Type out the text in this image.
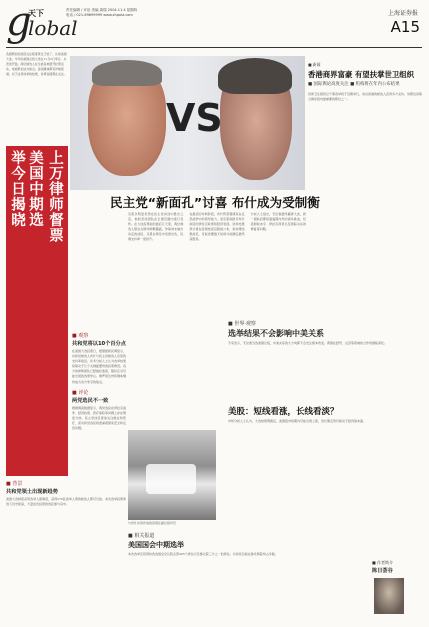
g
天下
lobal
责任编辑 / 评论 美编 周瑞 2004.11.4 星期四
电话 / 021-69699999 www.shpost.com	上海证券报
A15
各国舆论的高度关注程度莫过于此了。比如美国大选。今年的美国总统大选在11月2日举行。从竞选开始，两位候选人在全美各地展开拉票活动，电视辩论成为焦点。各国媒体都有详细报道。对于这场选举的结果，世界各国都在关注。
上万律师督票
美国中期选
举今日揭晓
■ 观察
共和党将以10个百分点
在美国大选投票日，根据最新民调显示，共和党候选人布什与民主党候选人克里的支持率接近。许多分析人士认为选举结果将取决于几个关键摇摆州的投票情况。各方的律师团队已经做好准备，随时应对可能出现的选票争议。佛罗里达州和俄亥俄州成为双方争夺的焦点。
■ 评论
两党选民不一致
根据调查数据显示，两党选民在伊拉克战争、经济政策、医疗保险等问题上存在明显分歧。民主党选民更加关注就业和医疗，而共和党选民则更重视国家安全和反恐问题。
■ 背景
共和党领土出现新趋势
美国大选制度采用选举人团制度，获得270张选举人票的候选人即可当选。本次选举投票率创下历史新高，大量首次投票的选民参与其中。
VS
民主党“新面孔”讨喜 布什成为受制衡
克里以明显优势在民主党初选中胜出之后，他的竞选团队在全国范围内进行宣传。在大选投票前的最后几天里，两位候选人都在关键州频繁露面，争取尚未做出决定的选民。克里在辩论中表现出色，民调支持率一度回升。
在最后的冲刺阶段，布什阵营强调其在反恐战争中的领导能力，而克里则批评布什政府的伊拉克政策和经济表现。选举结果预计将在投票结束后陆续公布，但如果结果接近，可能需要数天时间才能确定最终获胜者。
分析人士指出，无论谁最终赢得大选，新一届政府都将面临国内外的诸多挑战，包括财政赤字、伊拉克局势以及国际关系的修复等问题。
与布什并肩作战的是现任副总统切尼
■ 相关报道
美国国会中期选举
本次选举还将同时改选国会众议院全部435个席位以及参议院三分之一的席位。共和党目前在参众两院均占多数。
■ 新闻
香港商界富豪 有望扶掌世卫组织
■ 国际舆论高度关注 ■ 机构将在年内公布结果
世界卫生组织总干事选举将于近期举行，来自香港的候选人获得多方支持。该职位是联合国系统内最重要的职位之一。
■ 世界·观察
选举结果不会影响中美关系
专家表示，无论谁当选美国总统，中美关系的大方向都不会发生根本改变。两国在经贸、反恐等领域的合作将继续深化。
美股：短线看涨，长线看淡？
市场分析人士认为，大选结果明朗后，美国股市短期内可能出现上涨，但长期走势仍取决于经济基本面。
■ 作者简介
陈日荟谷
